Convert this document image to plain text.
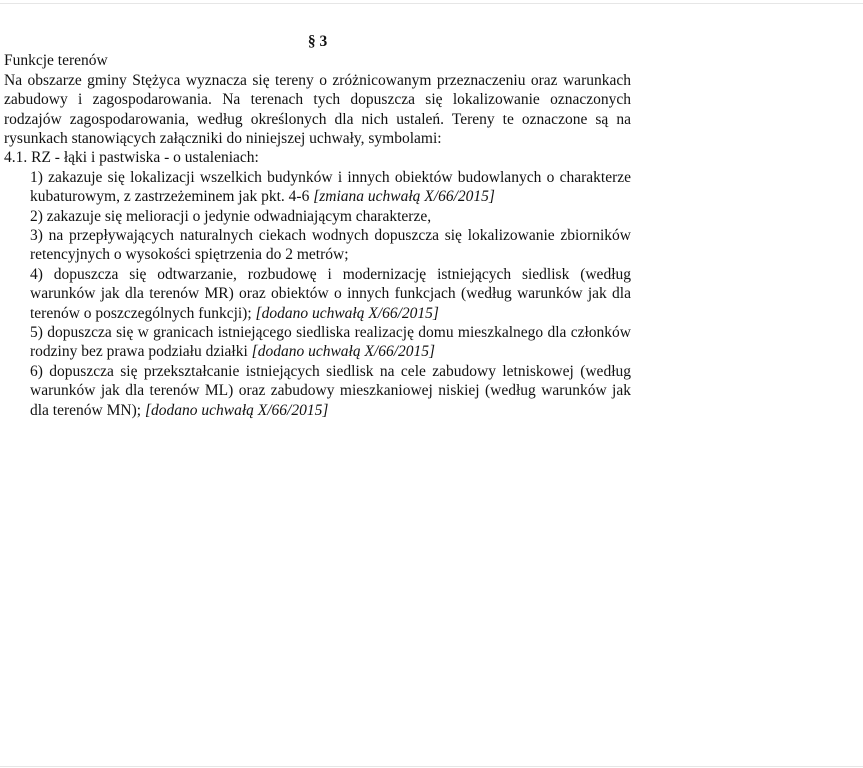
§ 3
Funkcje terenów

Na obszarze gminy Stężyca wyznacza się tereny o zróżnicowanym przeznaczeniu oraz warunkach zabudowy i zagospodarowania. Na terenach tych dopuszcza się lokalizowanie oznaczonych rodzajów zagospodarowania, według określonych dla nich ustaleń. Tereny te oznaczone są na rysunkach stanowiących załączniki do niniejszej uchwały, symbolami:

4.1. RZ - łąki i pastwiska - o ustaleniach:

1) zakazuje się lokalizacji wszelkich budynków i innych obiektów budowlanych o charakterze kubaturowym, z zastrzeżeminem jak pkt. 4-6 [zmiana uchwałą X/66/2015]

2) zakazuje się melioracji o jedynie odwadniającym charakterze,

3) na przepływających naturalnych ciekach wodnych dopuszcza się lokalizowanie zbiorników retencyjnych o wysokości spiętrzenia do 2 metrów;

4) dopuszcza się odtwarzanie, rozbudowę i modernizację istniejących siedlisk (według warunków jak dla terenów MR) oraz obiektów o innych funkcjach (według warunków jak dla terenów o poszczególnych funkcji); [dodano uchwałą X/66/2015]

5) dopuszcza się w granicach istniejącego siedliska realizację domu mieszkalnego dla członków rodziny bez prawa podziału działki [dodano uchwałą X/66/2015]

6) dopuszcza się przekształcanie istniejących siedlisk na cele zabudowy letniskowej (według warunków jak dla terenów ML) oraz zabudowy mieszkaniowej niskiej (według warunków jak dla terenów MN); [dodano uchwałą X/66/2015]
